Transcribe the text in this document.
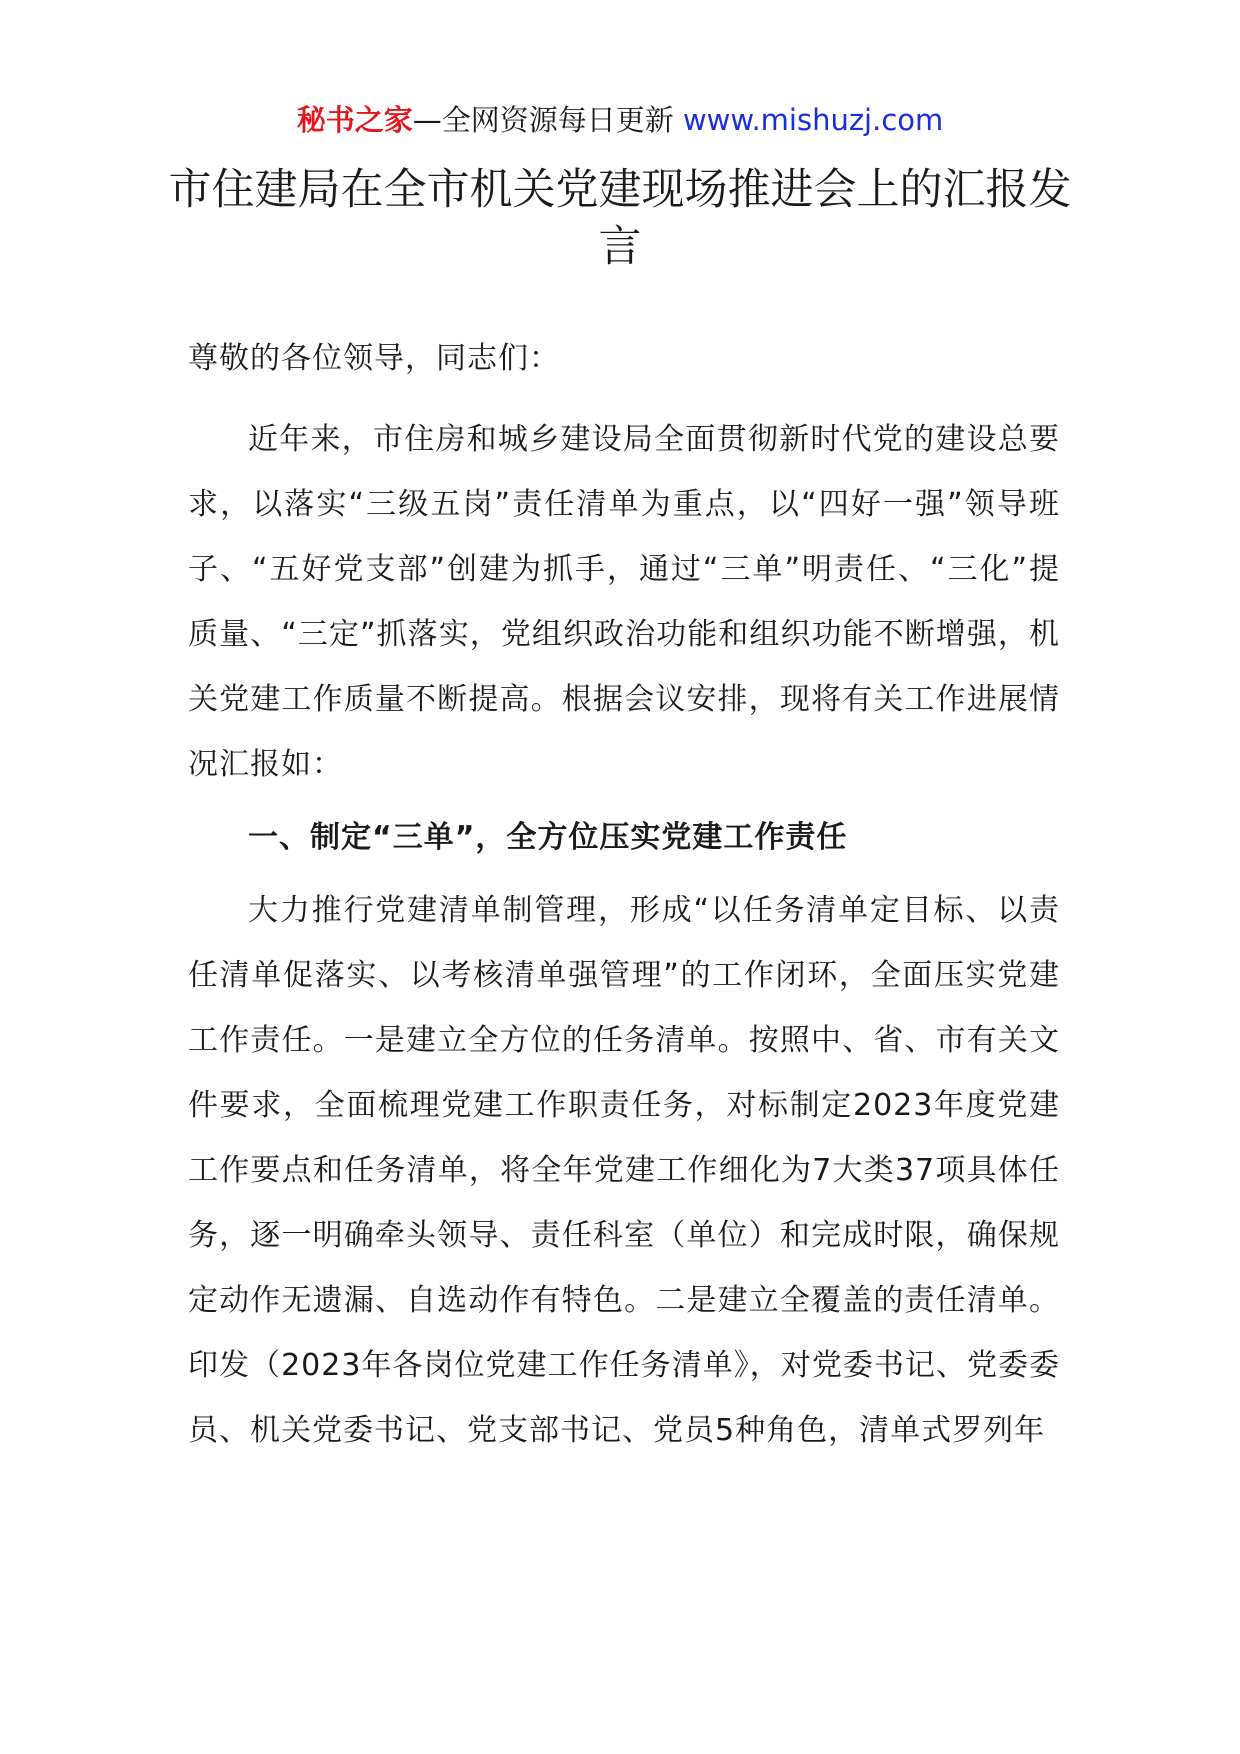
秘书之家—全网资源每日更新 www.mishuzj.com
市住建局在全市机关党建现场推进会上的汇报发言

尊敬的各位领导，同志们：

近年来，市住房和城乡建设局全面贯彻新时代党的建设总要求，以落实“三级五岗”责任清单为重点，以“四好一强”领导班子、“五好党支部”创建为抓手，通过“三单”明责任、“三化”提质量、“三定”抓落实，党组织政治功能和组织功能不断增强，机关党建工作质量不断提高。根据会议安排，现将有关工作进展情况汇报如：

一、制定“三单”，全方位压实党建工作责任

大力推行党建清单制管理，形成“以任务清单定目标、以责任清单促落实、以考核清单强管理”的工作闭环，全面压实党建工作责任。一是建立全方位的任务清单。按照中、省、市有关文件要求，全面梳理党建工作职责任务，对标制定2023年度党建工作要点和任务清单，将全年党建工作细化为7大类37项具体任务，逐一明确牵头领导、责任科室（单位）和完成时限，确保规定动作无遗漏、自选动作有特色。二是建立全覆盖的责任清单。印发（2023年各岗位党建工作任务清单》，对党委书记、党委委员、机关党委书记、党支部书记、党员5种角色，清单式罗列年
